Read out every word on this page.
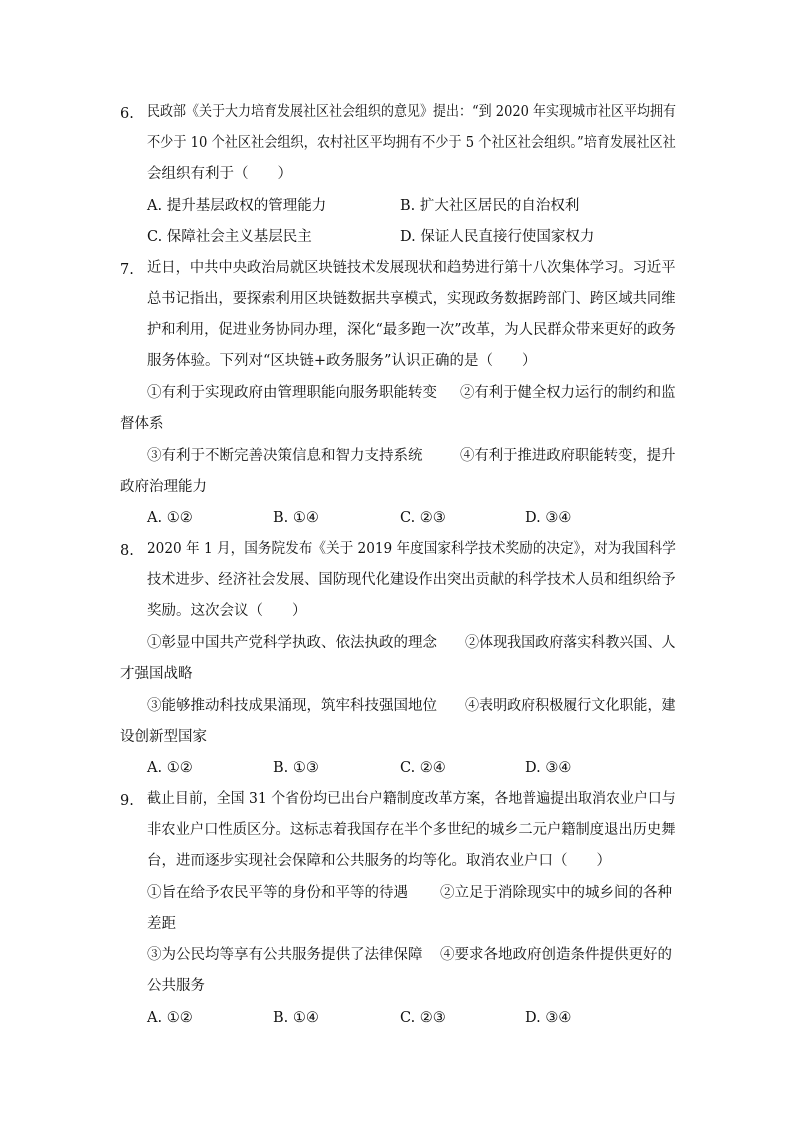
6. 民政部《关于大力培育发展社区社会组织的意见》提出：“到 2020 年实现城市社区平均拥有
不少于 10 个社区社会组织，农村社区平均拥有不少于 5 个社区社会组织。”培育发展社区社
会组织有利于（　　）
A. 提升基层政权的管理能力	B. 扩大社区居民的自治权利
C. 保障社会主义基层民主	D. 保证人民直接行使国家权力
7. 近日，中共中央政治局就区块链技术发展现状和趋势进行第十八次集体学习。习近平
总书记指出，要探索利用区块链数据共享模式，实现政务数据跨部门、跨区域共同维
护和利用，促进业务协同办理，深化“最多跑一次”改革，为人民群众带来更好的政务
服务体验。下列对“区块链+政务服务”认识正确的是（　　）
①有利于实现政府由管理职能向服务职能转变 ②有利于健全权力运行的制约和监
督体系
③有利于不断完善决策信息和智力支持系统	④有利于推进政府职能转变，提升
政府治理能力
A. ①②	B. ①④	C. ②③	D. ③④
8. 2020 年 1 月，国务院发布《关于 2019 年度国家科学技术奖励的决定》，对为我国科学
技术进步、经济社会发展、国防现代化建设作出突出贡献的科学技术人员和组织给予
奖励。这次会议（　　）
①彰显中国共产党科学执政、依法执政的理念 ②体现我国政府落实科教兴国、人
才强国战略
③能够推动科技成果涌现，筑牢科技强国地位 ④表明政府积极履行文化职能，建
设创新型国家
A. ①②	B. ①③	C. ②④	D. ③④
9. 截止目前，全国 31 个省份均已出台户籍制度改革方案，各地普遍提出取消农业户口与
非农业户口性质区分。这标志着我国存在半个多世纪的城乡二元户籍制度退出历史舞
台，进而逐步实现社会保障和公共服务的均等化。取消农业户口（　　）
①旨在给予农民平等的身份和平等的待遇 ②立足于消除现实中的城乡间的各种
差距
③为公民均等享有公共服务提供了法律保障 ④要求各地政府创造条件提供更好的
公共服务
A. ①②	B. ①④	C. ②③	D. ③④
